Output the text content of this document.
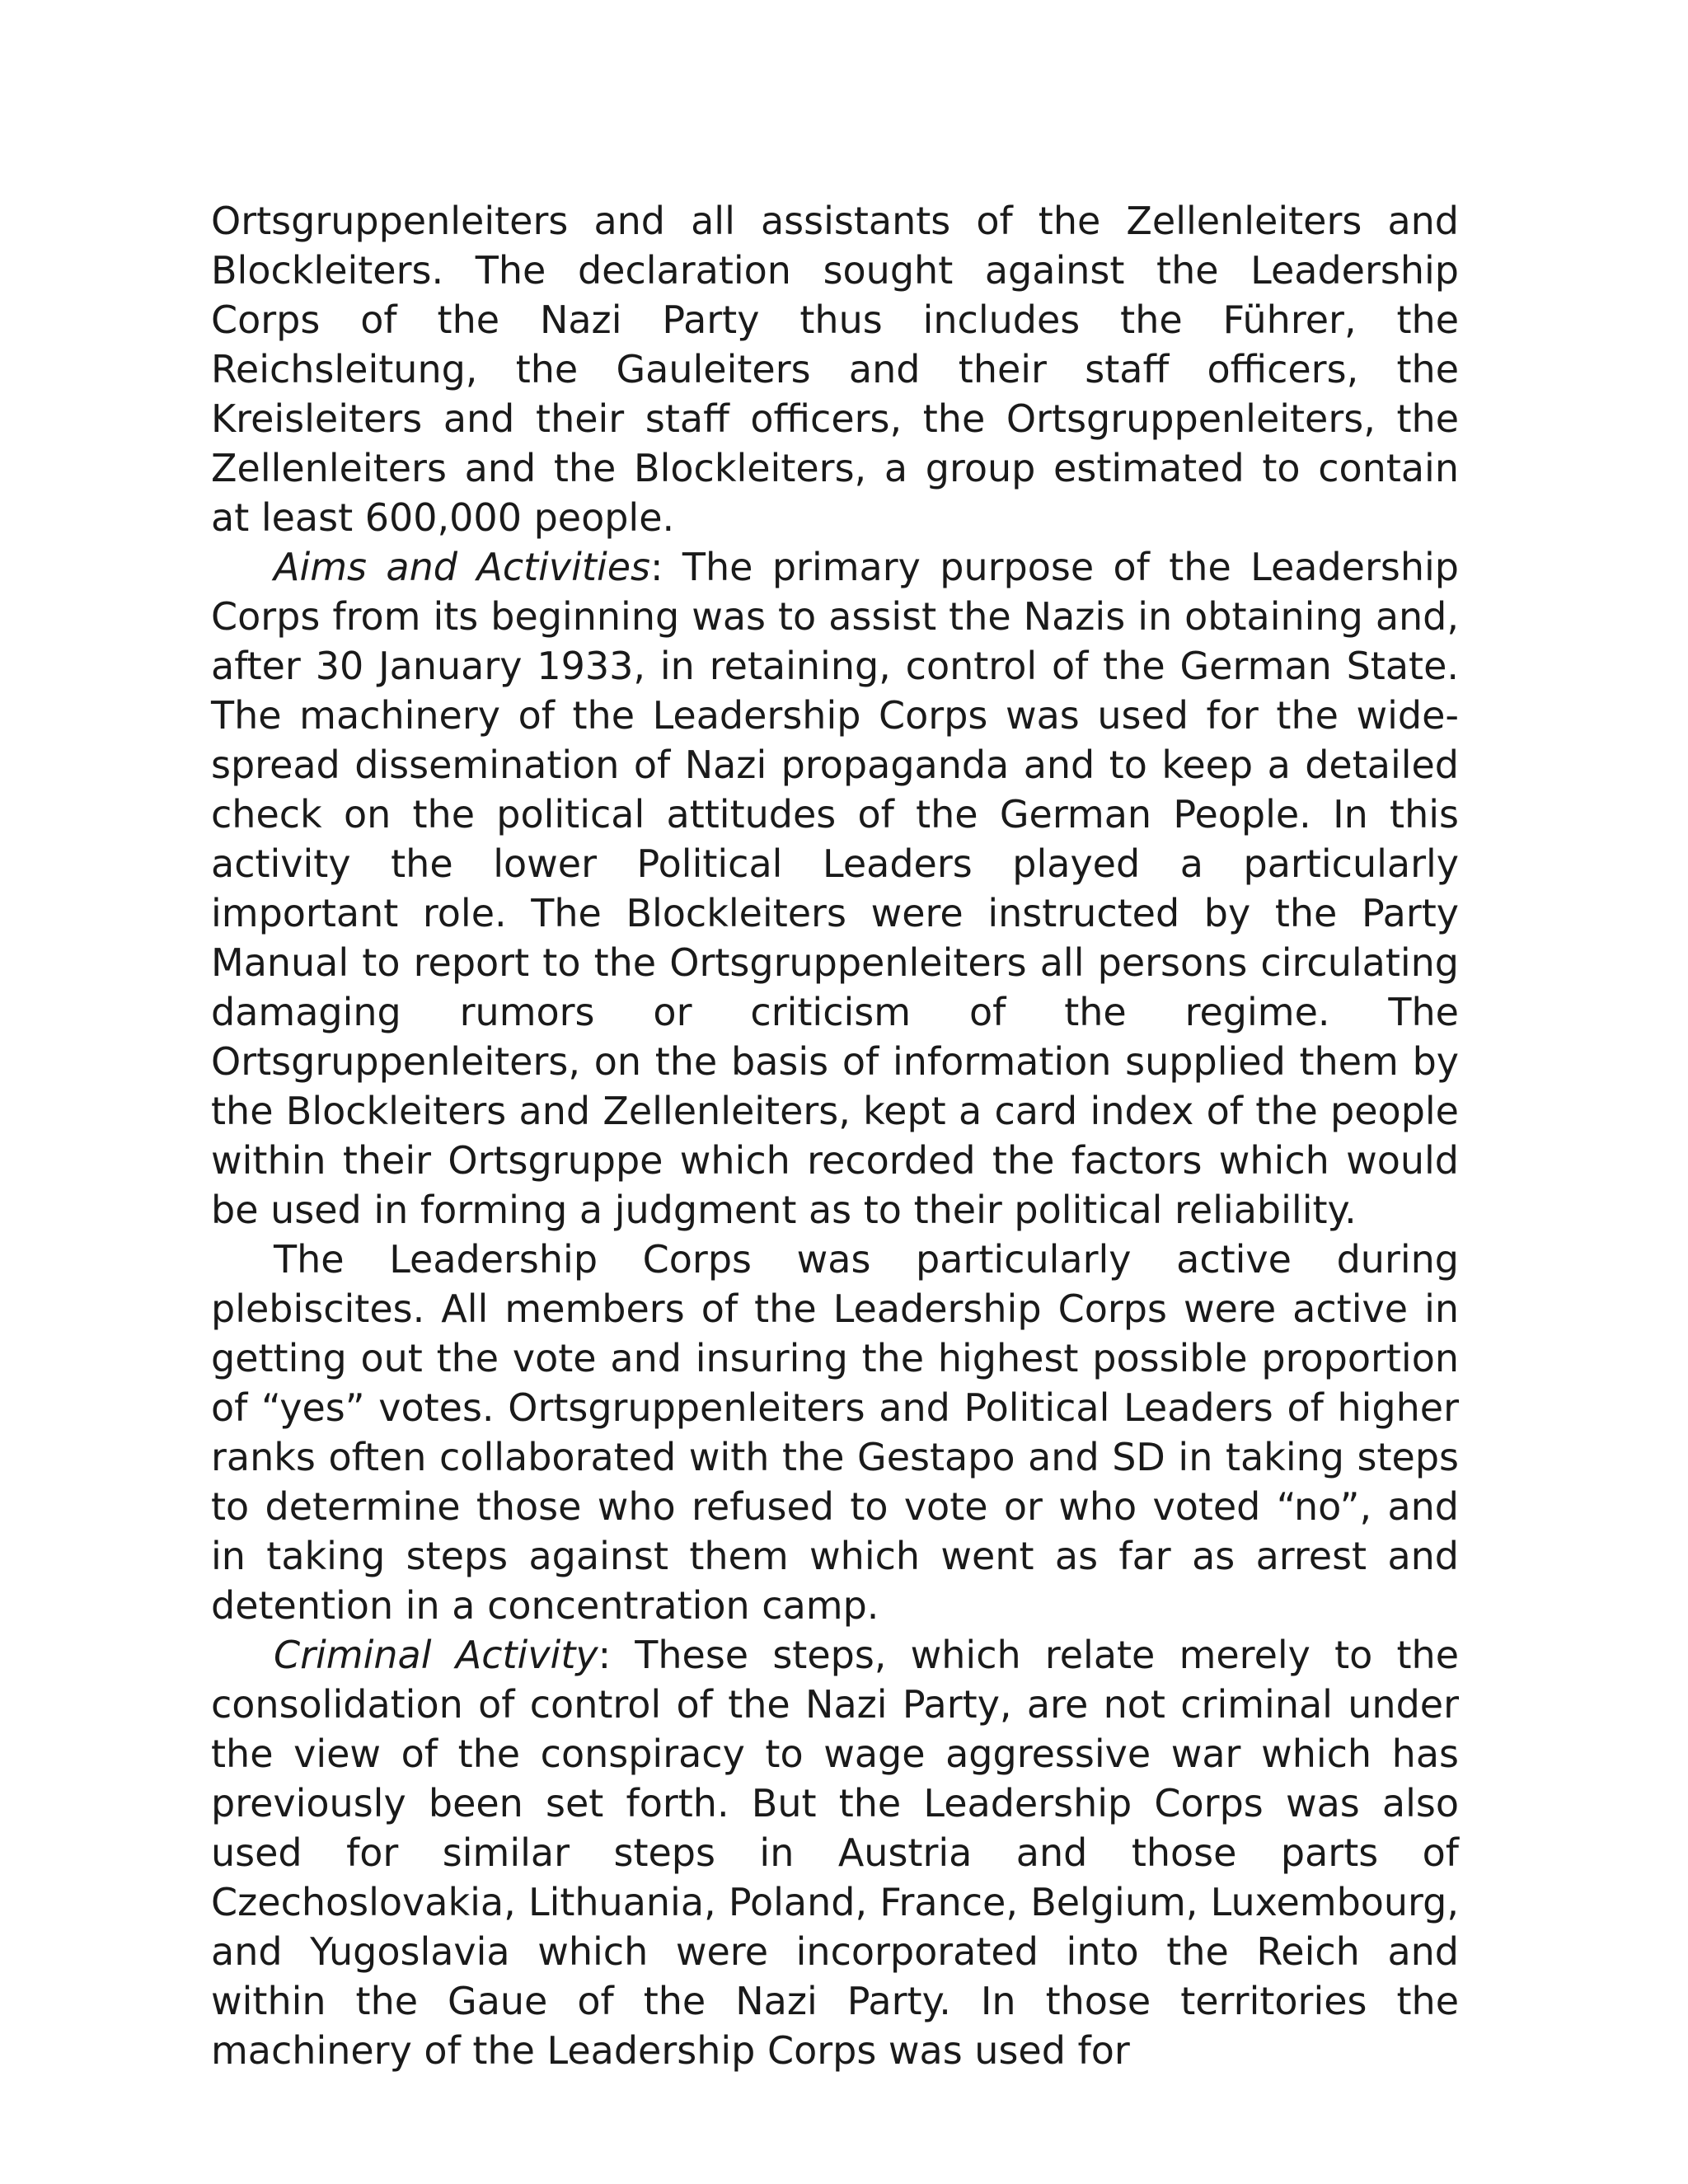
Ortsgruppenleiters and all assistants of the Zellenleiters and Blockleiters. The declaration sought against the Leadership Corps of the Nazi Party thus includes the Führer, the Reichsleitung, the Gauleiters and their staff officers, the Kreisleiters and their staff officers, the Ortsgruppenleiters, the Zellenleiters and the Blockleiters, a group estimated to contain at least 600,000 people.

Aims and Activities: The primary purpose of the Leadership Corps from its beginning was to assist the Nazis in obtaining and, after 30 January 1933, in retaining, control of the German State. The machinery of the Leadership Corps was used for the wide-spread dissemination of Nazi propaganda and to keep a detailed check on the political attitudes of the German People. In this activity the lower Political Leaders played a particularly important role. The Blockleiters were instructed by the Party Manual to report to the Ortsgruppenleiters all persons circulating damaging rumors or criticism of the regime. The Ortsgruppenleiters, on the basis of information supplied them by the Blockleiters and Zellenleiters, kept a card index of the people within their Ortsgruppe which recorded the factors which would be used in forming a judgment as to their political reliability.

The Leadership Corps was particularly active during plebiscites. All members of the Leadership Corps were active in getting out the vote and insuring the highest possible proportion of “yes” votes. Ortsgruppenleiters and Political Leaders of higher ranks often collaborated with the Gestapo and SD in taking steps to determine those who refused to vote or who voted “no”, and in taking steps against them which went as far as arrest and detention in a concentration camp.

Criminal Activity: These steps, which relate merely to the consolidation of control of the Nazi Party, are not criminal under the view of the conspiracy to wage aggressive war which has previously been set forth. But the Leadership Corps was also used for similar steps in Austria and those parts of Czechoslovakia, Lithuania, Poland, France, Belgium, Luxembourg, and Yugoslavia which were incorporated into the Reich and within the Gaue of the Nazi Party. In those territories the machinery of the Leadership Corps was used for
